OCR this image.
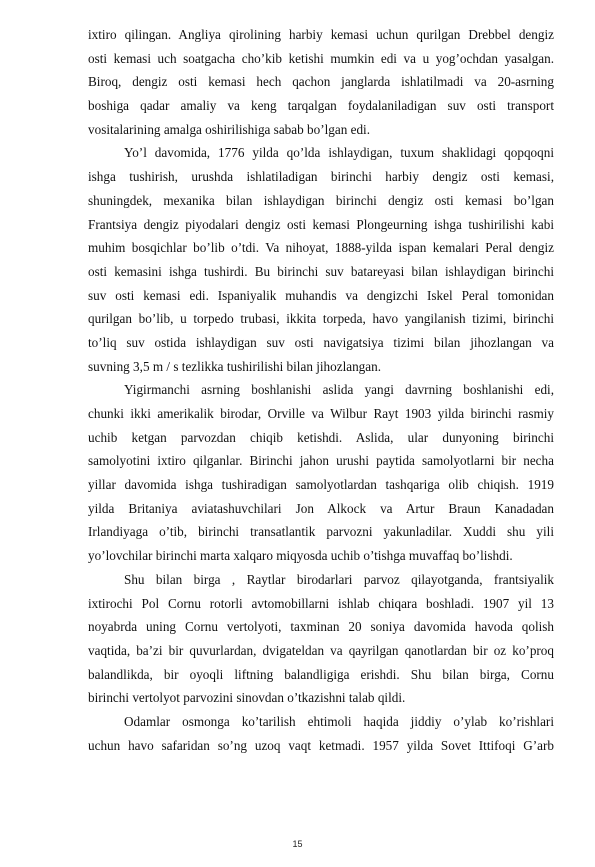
ixtiro qilingan. Angliya qirolining harbiy kemasi uchun qurilgan Drebbel dengiz

osti kemasi uch soatgacha cho’kib ketishi mumkin edi va u yog’ochdan yasalgan.

Biroq, dengiz osti kemasi hech qachon janglarda ishlatilmadi va 20-asrning

boshiga qadar amaliy va keng tarqalgan foydalaniladigan suv osti transport

vositalarining amalga oshirilishiga sabab bo’lgan edi.

Yo’l davomida, 1776 yilda qo’lda ishlaydigan, tuxum shaklidagi qopqoqni

ishga tushirish, urushda ishlatiladigan birinchi harbiy dengiz osti kemasi,

shuningdek, mexanika bilan ishlaydigan birinchi dengiz osti kemasi bo’lgan

Frantsiya dengiz piyodalari dengiz osti kemasi Plongeurning ishga tushirilishi kabi

muhim bosqichlar bo’lib o’tdi. Va nihoyat, 1888-yilda ispan kemalari Peral dengiz

osti kemasini ishga tushirdi. Bu birinchi suv batareyasi bilan ishlaydigan birinchi

suv osti kemasi edi. Ispaniyalik muhandis va dengizchi Iskel Peral tomonidan

qurilgan bo’lib, u torpedo trubasi, ikkita torpeda, havo yangilanish tizimi, birinchi

to’liq suv ostida ishlaydigan suv osti navigatsiya tizimi bilan jihozlangan va

suvning 3,5 m / s tezlikka tushirilishi bilan jihozlangan.

Yigirmanchi asrning boshlanishi aslida yangi davrning boshlanishi edi,

chunki ikki amerikalik birodar, Orville va Wilbur Rayt 1903 yilda birinchi rasmiy

uchib ketgan parvozdan chiqib ketishdi. Aslida, ular dunyoning birinchi

samolyotini ixtiro qilganlar. Birinchi jahon urushi paytida samolyotlarni bir necha

yillar davomida ishga tushiradigan samolyotlardan tashqariga olib chiqish. 1919

yilda Britaniya aviatashuvchilari Jon Alkock va Artur Braun Kanadadan

Irlandiyaga o’tib, birinchi transatlantik parvozni yakunladilar. Xuddi shu yili

yo’lovchilar birinchi marta xalqaro miqyosda uchib o’tishga muvaffaq bo’lishdi.

Shu bilan birga , Raytlar birodarlari parvoz qilayotganda, frantsiyalik

ixtirochi Pol Cornu rotorli avtomobillarni ishlab chiqara boshladi. 1907 yil 13

noyabrda uning Cornu vertolyoti, taxminan 20 soniya davomida havoda qolish

vaqtida, ba’zi bir quvurlardan, dvigateldan va qayrilgan qanotlardan bir oz ko’proq

balandlikda, bir oyoqli liftning balandligiga erishdi. Shu bilan birga, Cornu

birinchi vertolyot parvozini sinovdan o’tkazishni talab qildi.

Odamlar osmonga ko’tarilish ehtimoli haqida jiddiy o’ylab ko’rishlari

uchun havo safaridan so’ng uzoq vaqt ketmadi. 1957 yilda Sovet Ittifoqi G’arb

15
